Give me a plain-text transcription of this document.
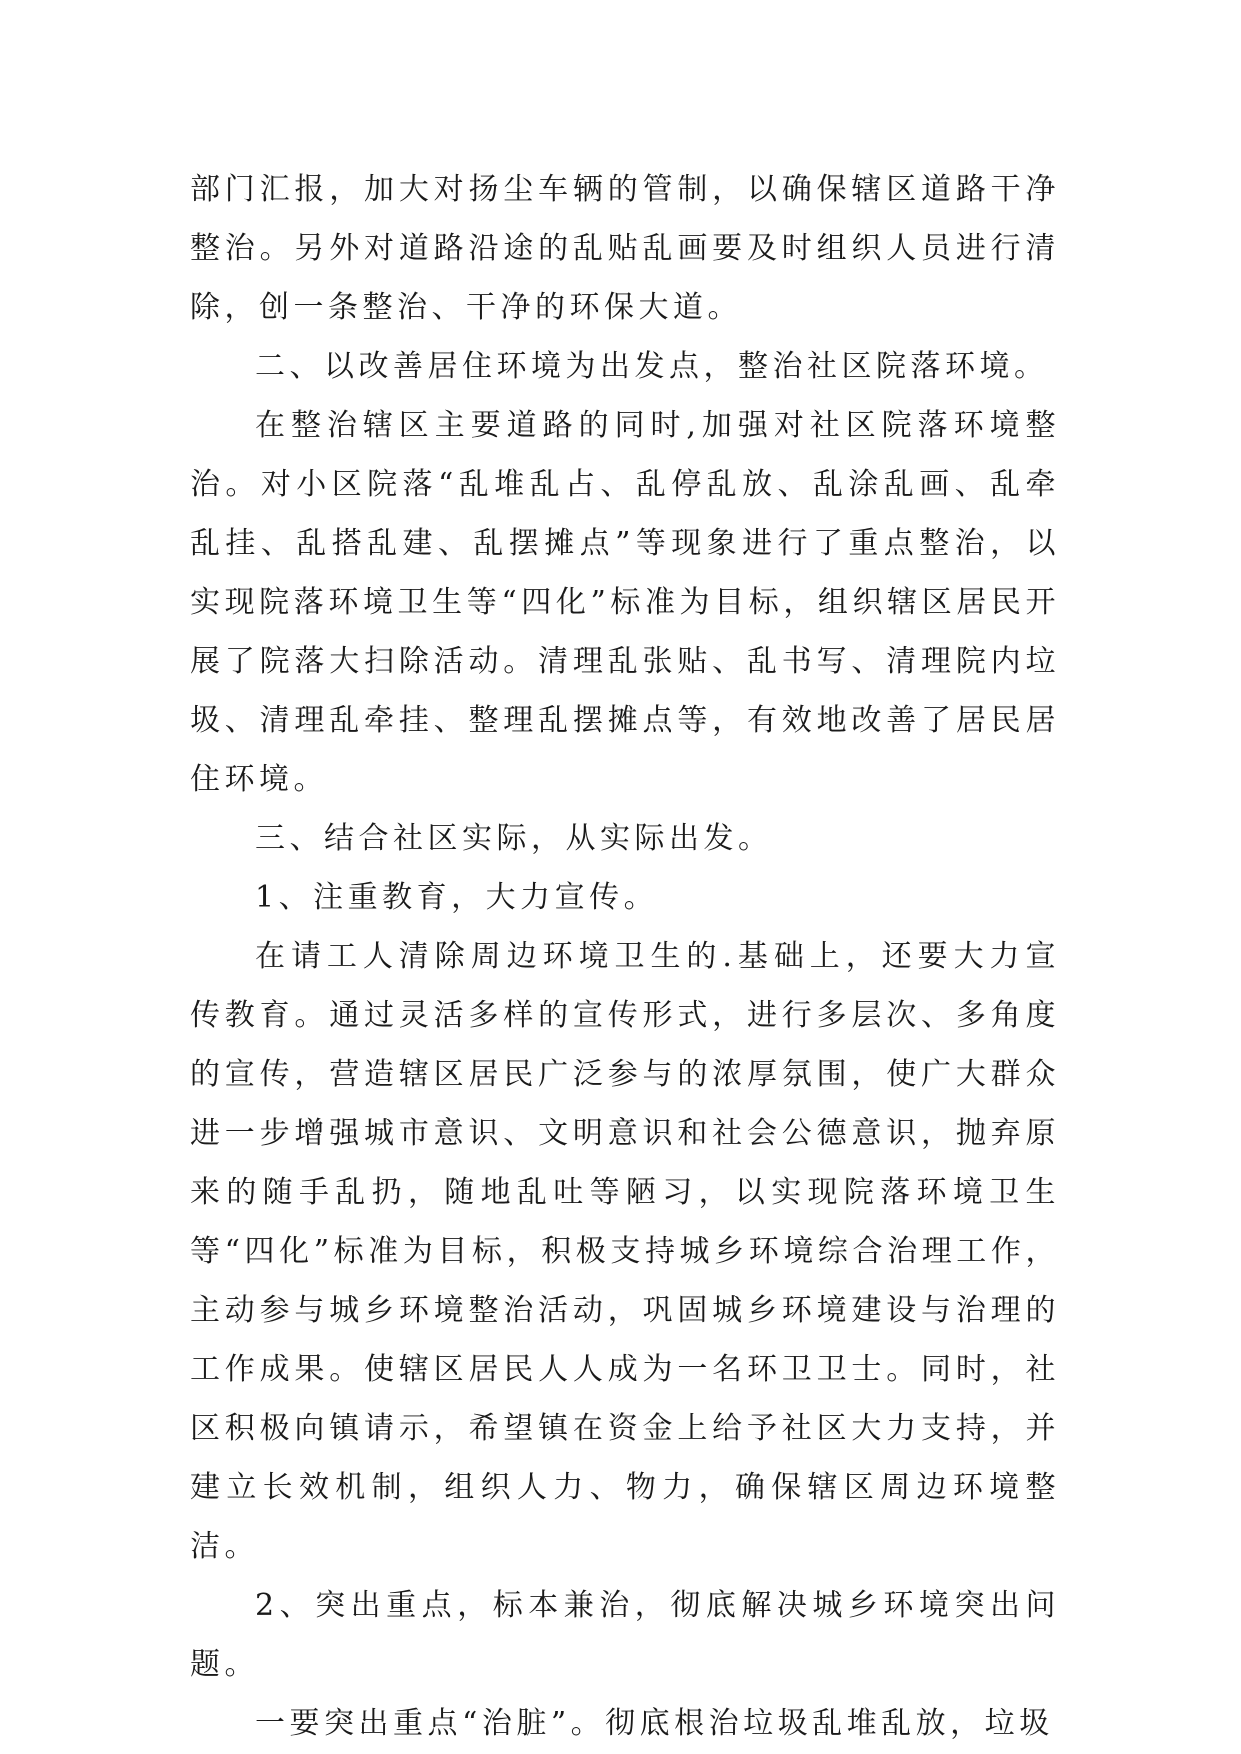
部门汇报，加大对扬尘车辆的管制，以确保辖区道路干净整治。另外对道路沿途的乱贴乱画要及时组织人员进行清除，创一条整治、干净的环保大道。

二、以改善居住环境为出发点，整治社区院落环境。

在整治辖区主要道路的同时,加强对社区院落环境整治。对小区院落“乱堆乱占、乱停乱放、乱涂乱画、乱牵乱挂、乱搭乱建、乱摆摊点”等现象进行了重点整治，以实现院落环境卫生等“四化”标准为目标，组织辖区居民开展了院落大扫除活动。清理乱张贴、乱书写、清理院内垃圾、清理乱牵挂、整理乱摆摊点等，有效地改善了居民居住环境。

三、结合社区实际，从实际出发。

1、注重教育，大力宣传。

在请工人清除周边环境卫生的.基础上，还要大力宣传教育。通过灵活多样的宣传形式，进行多层次、多角度的宣传，营造辖区居民广泛参与的浓厚氛围，使广大群众进一步增强城市意识、文明意识和社会公德意识，抛弃原来的随手乱扔，随地乱吐等陋习，以实现院落环境卫生等“四化”标准为目标，积极支持城乡环境综合治理工作，主动参与城乡环境整治活动，巩固城乡环境建设与治理的工作成果。使辖区居民人人成为一名环卫卫士。同时，社区积极向镇请示，希望镇在资金上给予社区大力支持，并建立长效机制，组织人力、物力，确保辖区周边环境整洁。

2、突出重点，标本兼治，彻底解决城乡环境突出问题。

一要突出重点“治脏”。彻底根治垃圾乱堆乱放，垃圾
